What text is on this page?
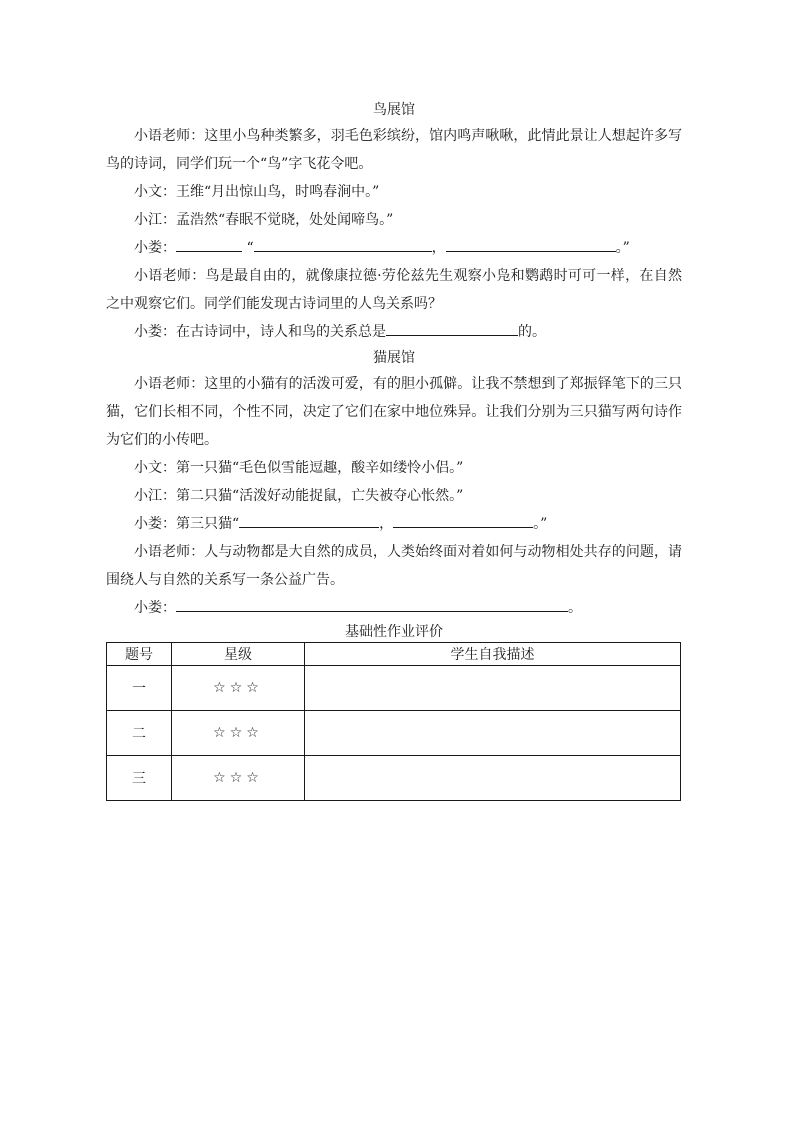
鸟展馆

小语老师：这里小鸟种类繁多，羽毛色彩缤纷，馆内鸣声啾啾，此情此景让人想起许多写鸟的诗词，同学们玩一个“鸟”字飞花令吧。

小文：王维“月出惊山鸟，时鸣春涧中。”

小江：孟浩然“春眠不觉晓，处处闻啼鸟。”

小娄：	“	，	。”

小语老师：鸟是最自由的，就像康拉德·劳伦兹先生观察小凫和鹦鹉时可可一样，在自然之中观察它们。同学们能发现古诗词里的人鸟关系吗？

小娄：在古诗词中，诗人和鸟的关系总是	的。

猫展馆

小语老师：这里的小猫有的活泼可爱，有的胆小孤僻。让我不禁想到了郑振铎笔下的三只猫，它们长相不同，个性不同，决定了它们在家中地位殊异。让我们分别为三只猫写两句诗作为它们的小传吧。

小文：第一只猫“毛色似雪能逗趣，酸辛如缕怜小侣。”

小江：第二只猫“活泼好动能捉鼠，亡失被夺心怅然。”

小娄：第三只猫“	，	。”

小语老师：人与动物都是大自然的成员，人类始终面对着如何与动物相处共存的问题，请围绕人与自然的关系写一条公益广告。

小娄：	。

基础性作业评价
题号	星级	学生自我描述
一	☆☆☆	
二	☆☆☆	
三	☆☆☆	
